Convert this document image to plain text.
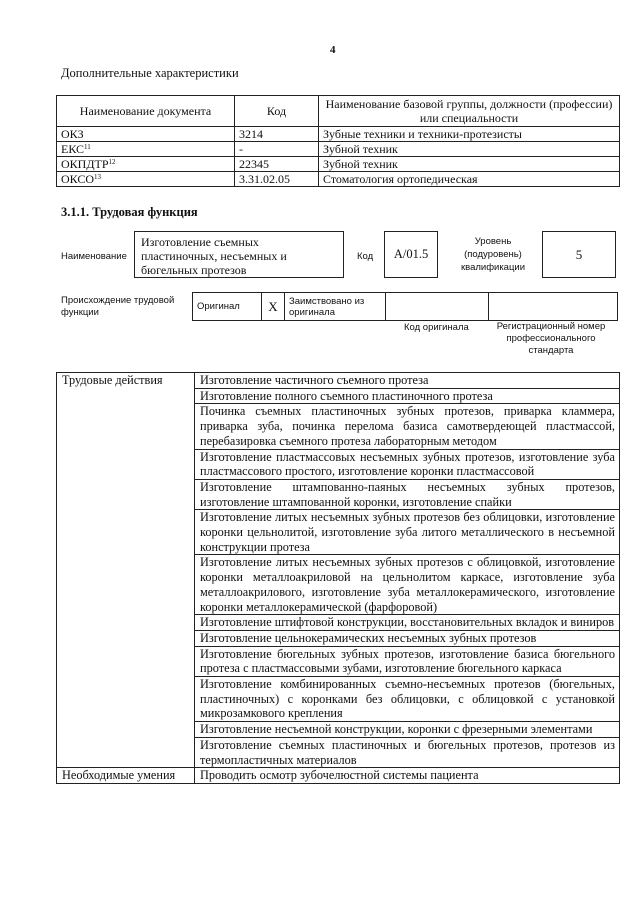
4
Дополнительные характеристики
Наименование документа	Код	Наименование базовой группы, должности (профессии) или специальности
ОКЗ	3214	Зубные техники и техники-протезисты
ЕКС$^{11}$	-	Зубной техник
ОКПДТР$^{12}$	22345	Зубной техник
ОКСО$^{13}$	3.31.02.05	Стоматология ортопедическая
3.1.1. Трудовая функция
Наименование
Изготовление съемных пластиночных, несъемных и бюгельных протезов
Код	A/01.5
Уровень (подуровень) квалификации
5
Происхождение трудовой функции
Оригинал	X	Заимствовано из оригинала		
Код оригинала	Регистрационный номер профессионального стандарта
Трудовые действия	Изготовление частичного съемного протеза
	Изготовление полного съемного пластиночного протеза
	Починка съемных пластиночных зубных протезов, приварка кламмера, приварка зуба, починка перелома базиса самотвердеющей пластмассой, перебазировка съемного протеза лабораторным методом
	Изготовление пластмассовых несъемных зубных протезов, изготовление зуба пластмассового простого, изготовление коронки пластмассовой
	Изготовление штампованно-паяных несъемных зубных протезов, изготовление штампованной коронки, изготовление спайки
	Изготовление литых несъемных зубных протезов без облицовки, изготовление коронки цельнолитой, изготовление зуба литого металлического в несъемной конструкции протеза
	Изготовление литых несъемных зубных протезов с облицовкой, изготовление коронки металлоакриловой на цельнолитом каркасе, изготовление зуба металлоакрилового, изготовление зуба металлокерамического, изготовление коронки металлокерамической (фарфоровой)
	Изготовление штифтовой конструкции, восстановительных вкладок и виниров
	Изготовление цельнокерамических несъемных зубных протезов
	Изготовление бюгельных зубных протезов, изготовление базиса бюгельного протеза с пластмассовыми зубами, изготовление бюгельного каркаса
	Изготовление комбинированных съемно-несъемных протезов (бюгельных, пластиночных) с коронками без облицовки, с облицовкой с установкой микрозамкового крепления
	Изготовление несъемной конструкции, коронки с фрезерными элементами
	Изготовление съемных пластиночных и бюгельных протезов, протезов из термопластичных материалов
Необходимые умения	Проводить осмотр зубочелюстной системы пациента
